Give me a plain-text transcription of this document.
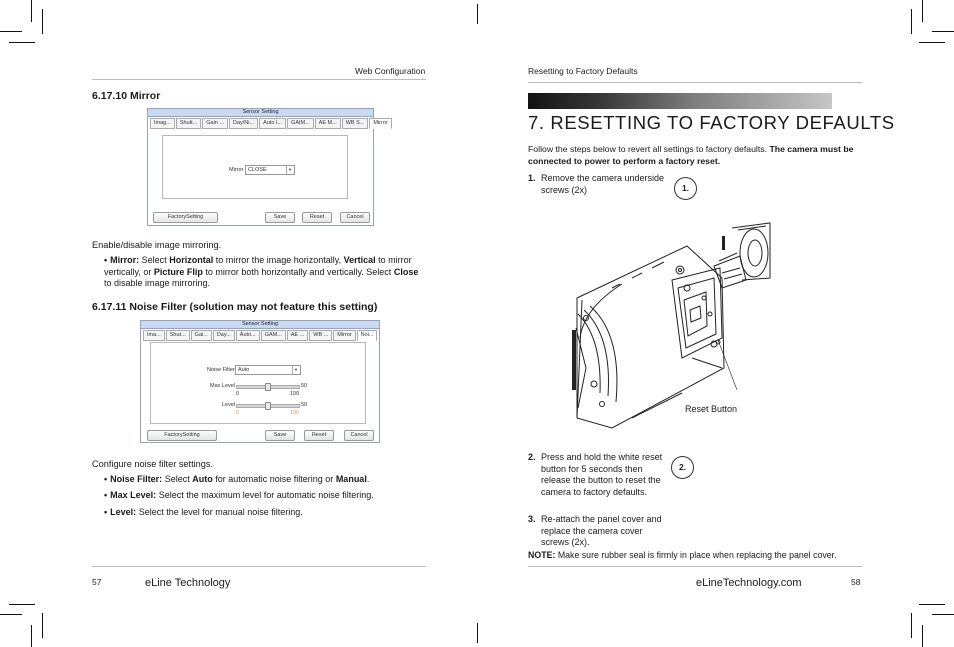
Web Configuration
6.17.10 Mirror
Sensor Setting
Imag...	Shutt...	Gain ...	Day/Ni...	Auto I...	GAIM...	AE M...	WB S...	Mirror
Mirror CLOSE	▼
FactorySetting	Save	Reset	Cancel
Enable/disable image mirroring.
• Mirror: Select Horizontal to mirror the image horizontally, Vertical to mirror vertically, or Picture Flip to mirror both horizontally and vertically. Select Close to disable image mirroring.
6.17.11 Noise Filter (solution may not feature this setting)
Sensor Setting
Ima...	Shut...	Gai...	Day...	Auto...	GAM...	AE ...	WB ...	Mirror	Noi...
Noise Filter Auto	▼
Max Level	50
0	100
Level	50
0	100
FactorySetting	Save	Reset	Cancel
Configure noise filter settings.
• Noise Filter: Select Auto for automatic noise filtering or Manual.
• Max Level: Select the maximum level for automatic noise filtering.
• Level: Select the level for manual noise filtering.
57	eLine Technology
Resetting to Factory Defaults
7. RESETTING TO FACTORY DEFAULTS
Follow the steps below to revert all settings to factory defaults. The camera must be connected to power to perform a factory reset.
1. Remove the camera underside screws (2x)	1.
Reset Button
2. Press and hold the white reset button for 5 seconds then release the button to reset the camera to factory defaults.
2.
3. Re-attach the panel cover and replace the camera cover screws (2x).
NOTE: Make sure rubber seal is firmly in place when replacing the panel cover.
eLineTechnology.com	58
